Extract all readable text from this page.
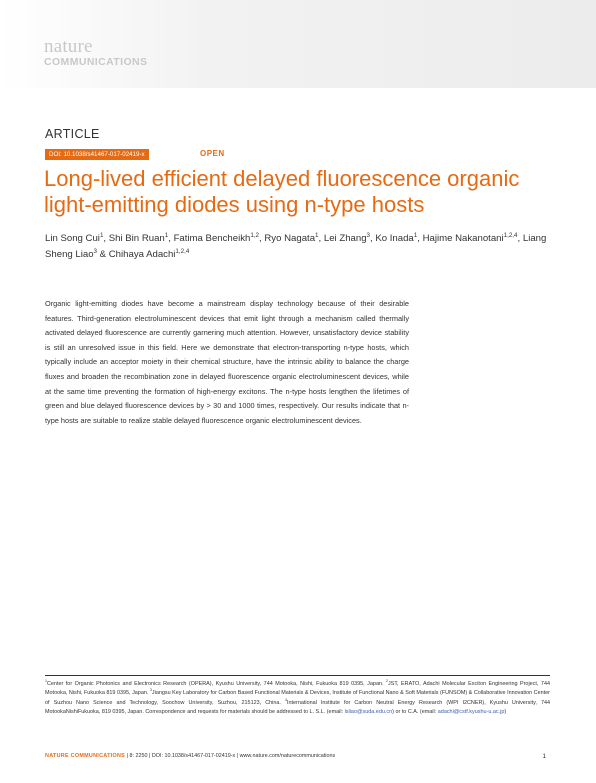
nature
COMMUNICATIONS
ARTICLE
DOI: 10.1038/s41467-017-02419-x	OPEN
Long-lived efficient delayed fluorescence organic light-emitting diodes using n-type hosts
Lin Song Cui$^1$, Shi Bin Ruan$^1$, Fatima Bencheikh$^{1,2}$, Ryo Nagata$^1$, Lei Zhang$^3$, Ko Inada$^1$, Hajime Nakanotani$^{1,2,4}$, Liang Sheng Liao$^3$ & Chihaya Adachi$^{1,2,4}$

Organic light-emitting diodes have become a mainstream display technology because of their desirable features. Third-generation electroluminescent devices that emit light through a mechanism called thermally activated delayed fluorescence are currently garnering much attention. However, unsatisfactory device stability is still an unresolved issue in this field. Here we demonstrate that electron-transporting n-type hosts, which typically include an acceptor moiety in their chemical structure, have the intrinsic ability to balance the charge fluxes and broaden the recombination zone in delayed fluorescence organic electroluminescent devices, while at the same time preventing the formation of high-energy excitons. The n-type hosts lengthen the lifetimes of green and blue delayed fluorescence devices by > 30 and 1000 times, respectively. Our results indicate that n-type hosts are suitable to realize stable delayed fluorescence organic electroluminescent devices.

$^1$Center for Organic Photonics and Electronics Research (OPERA), Kyushu University, 744 Motooka, Nishi, Fukuoka 819 0395, Japan. $^2$JST, ERATO, Adachi Molecular Exciton Engineering Project, 744 Motooka, Nishi, Fukuoka 819 0395, Japan. $^3$Jiangsu Key Laboratory for Carbon Based Functional Materials & Devices, Institute of Functional Nano & Soft Materials (FUNSOM) & Collaborative Innovation Center of Suzhou Nano Science and Technology, Soochow University, Suzhou, 215123, China. $^4$International Institute for Carbon Neutral Energy Research (WPI I2CNER), Kyushu University, 744 MotookaNishiFukuoka, 819 0395, Japan. Correspondence and requests for materials should be addressed to L. S.L. (email: lsliao@suda.edu.cn) or to C.A. (email: adachi@cstf.kyushu-u.ac.jp)

NATURE COMMUNICATIONS | 8: 2250 | DOI: 10.1038/s41467-017-02419-x | www.nature.com/naturecommunications	1
